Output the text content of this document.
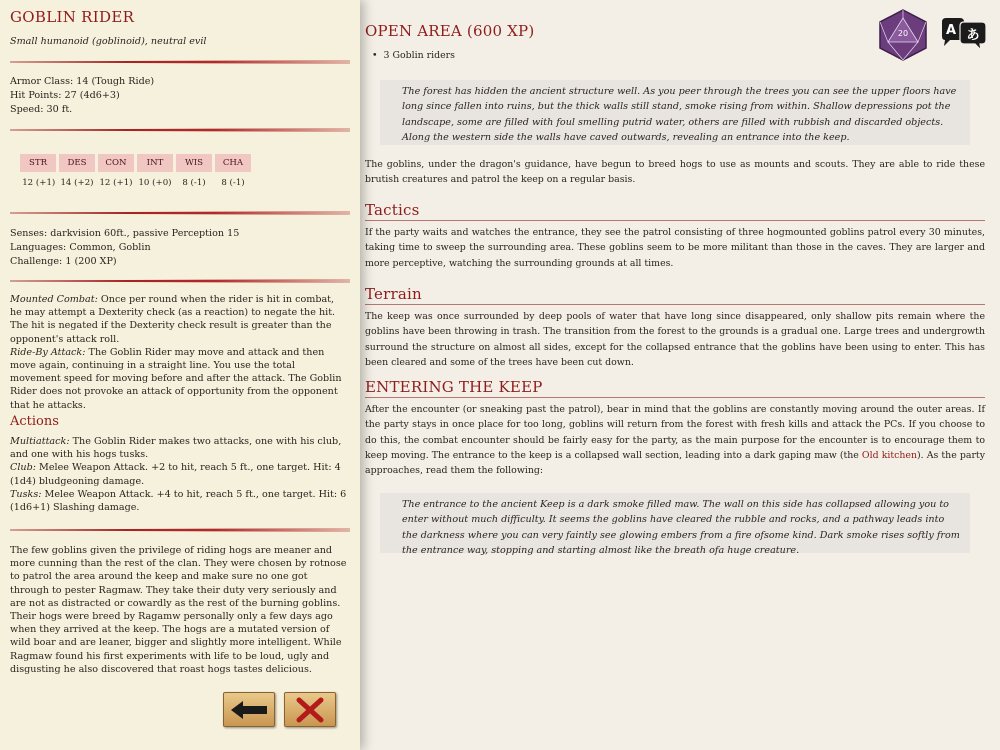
GOBLIN RIDER
Small humanoid (goblinoid), neutral evil
Armor Class: 14 (Tough Ride)
Hit Points: 27 (4d6+3)
Speed: 30 ft.
STR	DES	CON	INT	WIS	CHA
12 (+1)	14 (+2)	12 (+1)	10 (+0)	8 (-1)	8 (-1)
Senses: darkvision 60ft., passive Perception 15
Languages: Common, Goblin
Challenge: 1 (200 XP)
Mounted Combat: Once per round when the rider is hit in combat, he may attempt a Dexterity check (as a reaction) to negate the hit. The hit is negated if the Dexterity check result is greater than the opponent's attack roll.
Ride-By Attack: The Goblin Rider may move and attack and then move again, continuing in a straight line. You use the total movement speed for moving before and after the attack. The Goblin Rider does not provoke an attack of opportunity from the opponent that he attacks.
Actions
Multiattack: The Goblin Rider makes two attacks, one with his club, and one with his hogs tusks.
Club: Melee Weapon Attack. +2 to hit, reach 5 ft., one target. Hit: 4 (1d4) bludgeoning damage.
Tusks: Melee Weapon Attack. +4 to hit, reach 5 ft., one target. Hit: 6 (1d6+1) Slashing damage.
The few goblins given the privilege of riding hogs are meaner and more cunning than the rest of the clan. They were chosen by rotnose to patrol the area around the keep and make sure no one got through to pester Ragmaw. They take their duty very seriously and are not as distracted or cowardly as the rest of the burning goblins.
Their hogs were breed by Ragamw personally only a few days ago when they arrived at the keep. The hogs are a mutated version of wild boar and are leaner, bigger and slightly more intelligent. While Ragmaw found his first experiments with life to be loud, ugly and disgusting he also discovered that roast hogs tastes delicious.
OPEN AREA (600 XP)
• 3 Goblin riders
20	A あ
The forest has hidden the ancient structure well. As you peer through the trees you can see the upper floors have long since fallen into ruins, but the thick walls still stand, smoke rising from within. Shallow depressions pot the landscape, some are filled with foul smelling putrid water, others are filled with rubbish and discarded objects. Along the western side the walls have caved outwards, revealing an entrance into the keep.
The goblins, under the dragon's guidance, have begun to breed hogs to use as mounts and scouts. They are able to ride these brutish creatures and patrol the keep on a regular basis.
Tactics
If the party waits and watches the entrance, they see the patrol consisting of three hogmounted goblins patrol every 30 minutes, taking time to sweep the surrounding area. These goblins seem to be more militant than those in the caves. They are larger and more perceptive, watching the surrounding grounds at all times.
Terrain
The keep was once surrounded by deep pools of water that have long since disappeared, only shallow pits remain where the goblins have been throwing in trash. The transition from the forest to the grounds is a gradual one. Large trees and undergrowth surround the structure on almost all sides, except for the collapsed entrance that the goblins have been using to enter. This has been cleared and some of the trees have been cut down.
ENTERING THE KEEP
After the encounter (or sneaking past the patrol), bear in mind that the goblins are constantly moving around the outer areas. If the party stays in once place for too long, goblins will return from the forest with fresh kills and attack the PCs. If you choose to do this, the combat encounter should be fairly easy for the party, as the main purpose for the encounter is to encourage them to keep moving. The entrance to the keep is a collapsed wall section, leading into a dark gaping maw (the Old kitchen). As the party approaches, read them the following:
The entrance to the ancient Keep is a dark smoke filled maw. The wall on this side has collapsed allowing you to enter without much difficulty. It seems the goblins have cleared the rubble and rocks, and a pathway leads into the darkness where you can very faintly see glowing embers from a fire ofsome kind. Dark smoke rises softly from the entrance way, stopping and starting almost like the breath ofa huge creature.
